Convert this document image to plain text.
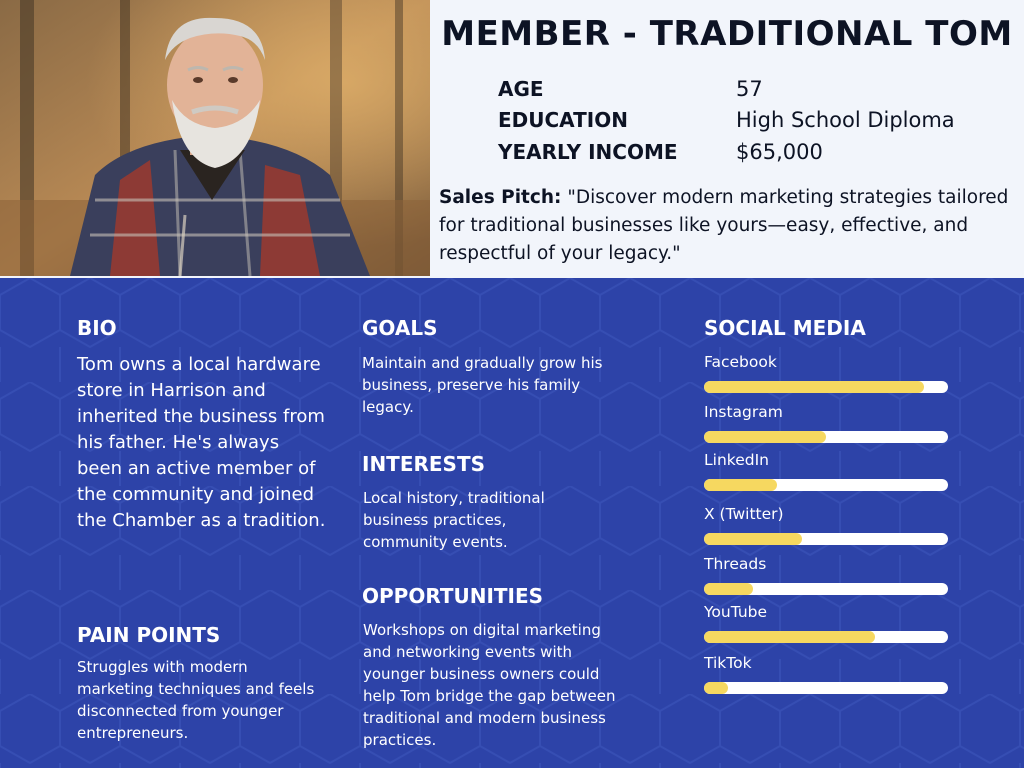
MEMBER - TRADITIONAL TOM
AGE	57
EDUCATION	High School Diploma
YEARLY INCOME	$65,000

Sales Pitch: "Discover modern marketing strategies tailored for traditional businesses like yours—easy, effective, and respectful of your legacy."

BIO

Tom owns a local hardware store in Harrison and inherited the business from his father. He's always been an active member of the community and joined the Chamber as a tradition.

PAIN POINTS

Struggles with modern marketing techniques and feels disconnected from younger entrepreneurs.

GOALS

Maintain and gradually grow his business, preserve his family legacy.

INTERESTS

Local history, traditional business practices, community events.

OPPORTUNITIES

Workshops on digital marketing and networking events with younger business owners could help Tom bridge the gap between traditional and modern business practices.

SOCIAL MEDIA
Facebook
Instagram
LinkedIn
X (Twitter)
Threads
YouTube
TikTok
